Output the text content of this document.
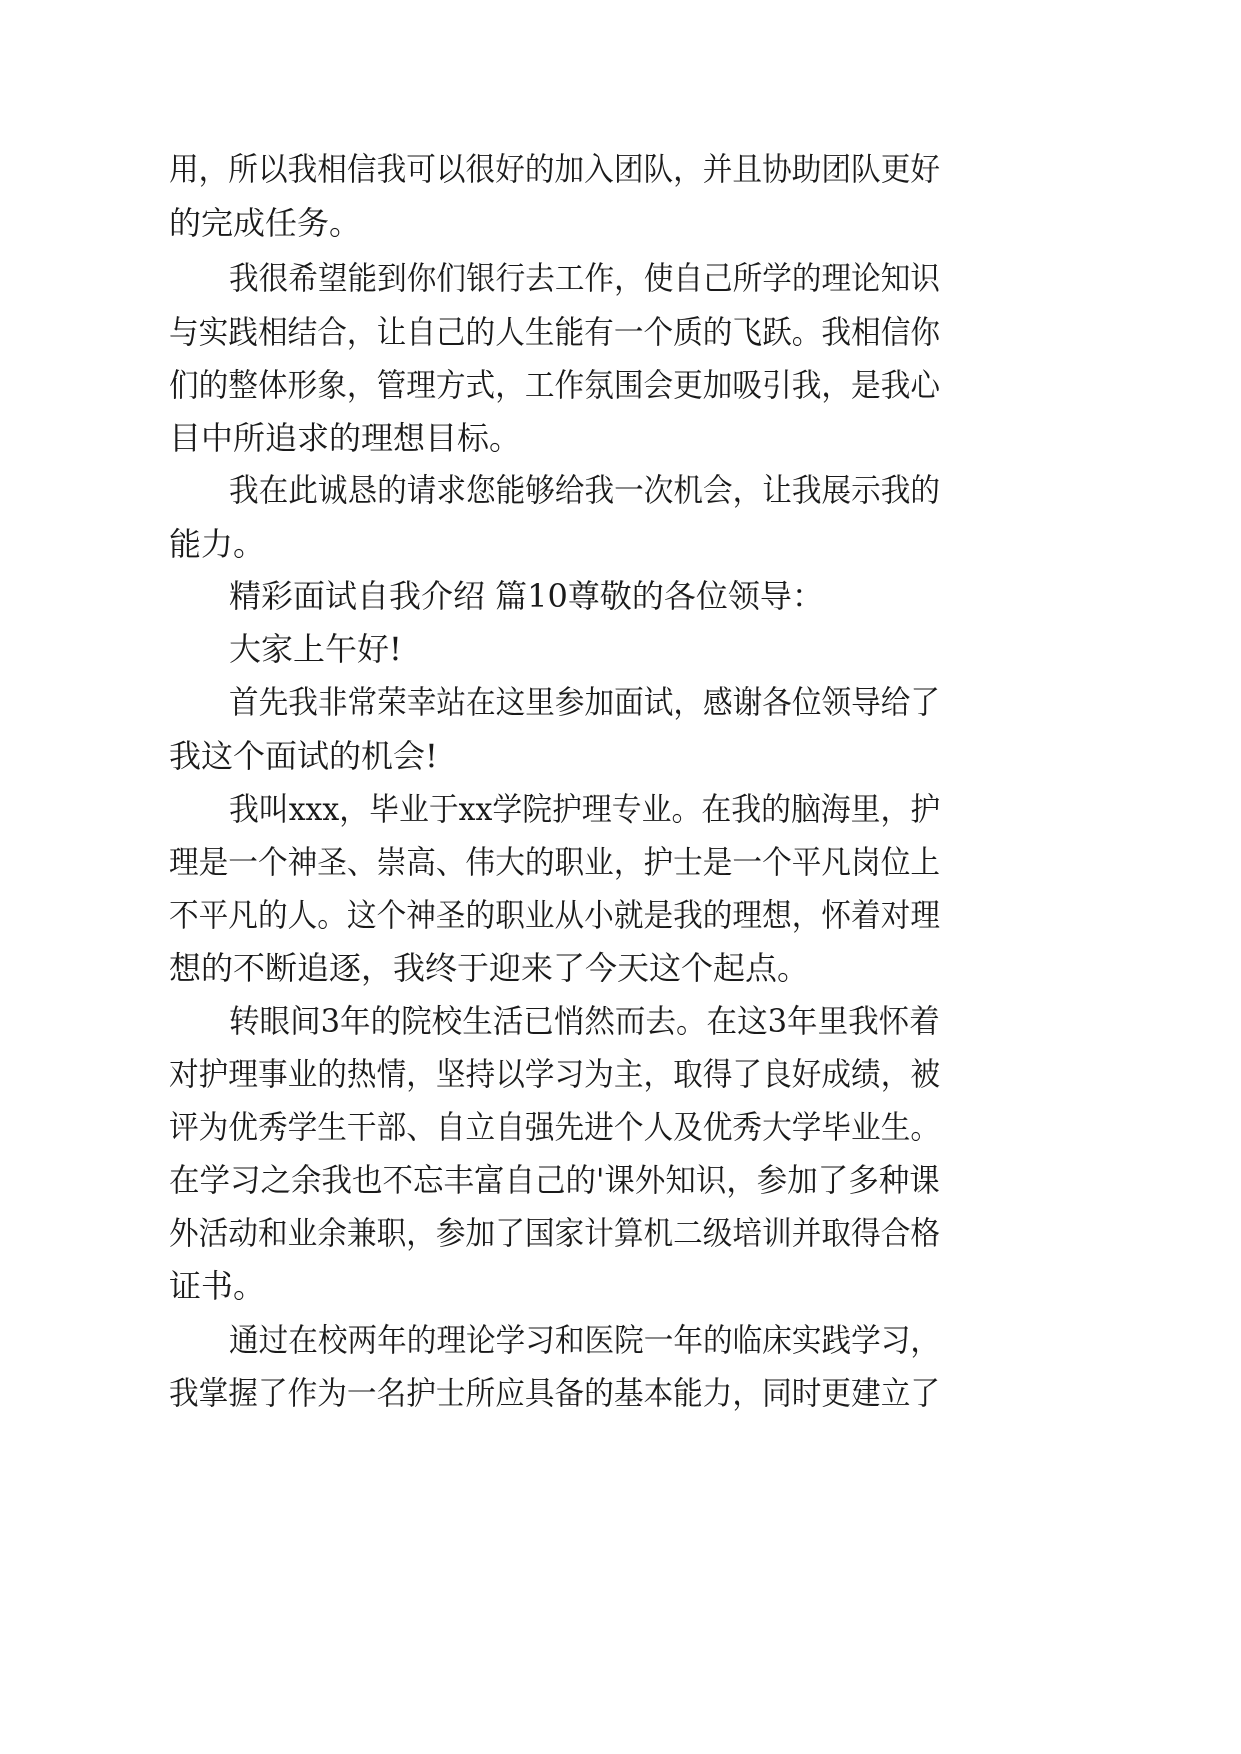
用，所以我相信我可以很好的加入团队，并且协助团队更好
的完成任务。
我很希望能到你们银行去工作，使自己所学的理论知识
与实践相结合，让自己的人生能有一个质的飞跃。我相信你
们的整体形象，管理方式，工作氛围会更加吸引我，是我心
目中所追求的理想目标。
我在此诚恳的请求您能够给我一次机会，让我展示我的
能力。
精彩面试自我介绍 篇10尊敬的各位领导：
大家上午好!
首先我非常荣幸站在这里参加面试，感谢各位领导给了
我这个面试的机会!
我叫xxx，毕业于xx学院护理专业。在我的脑海里，护
理是一个神圣、崇高、伟大的职业，护士是一个平凡岗位上
不平凡的人。这个神圣的职业从小就是我的理想，怀着对理
想的不断追逐，我终于迎来了今天这个起点。
转眼间3年的院校生活已悄然而去。在这3年里我怀着
对护理事业的热情，坚持以学习为主，取得了良好成绩，被
评为优秀学生干部、自立自强先进个人及优秀大学毕业生。
在学习之余我也不忘丰富自己的'课外知识，参加了多种课
外活动和业余兼职，参加了国家计算机二级培训并取得合格
证书。
通过在校两年的理论学习和医院一年的临床实践学习，
我掌握了作为一名护士所应具备的基本能力，同时更建立了
